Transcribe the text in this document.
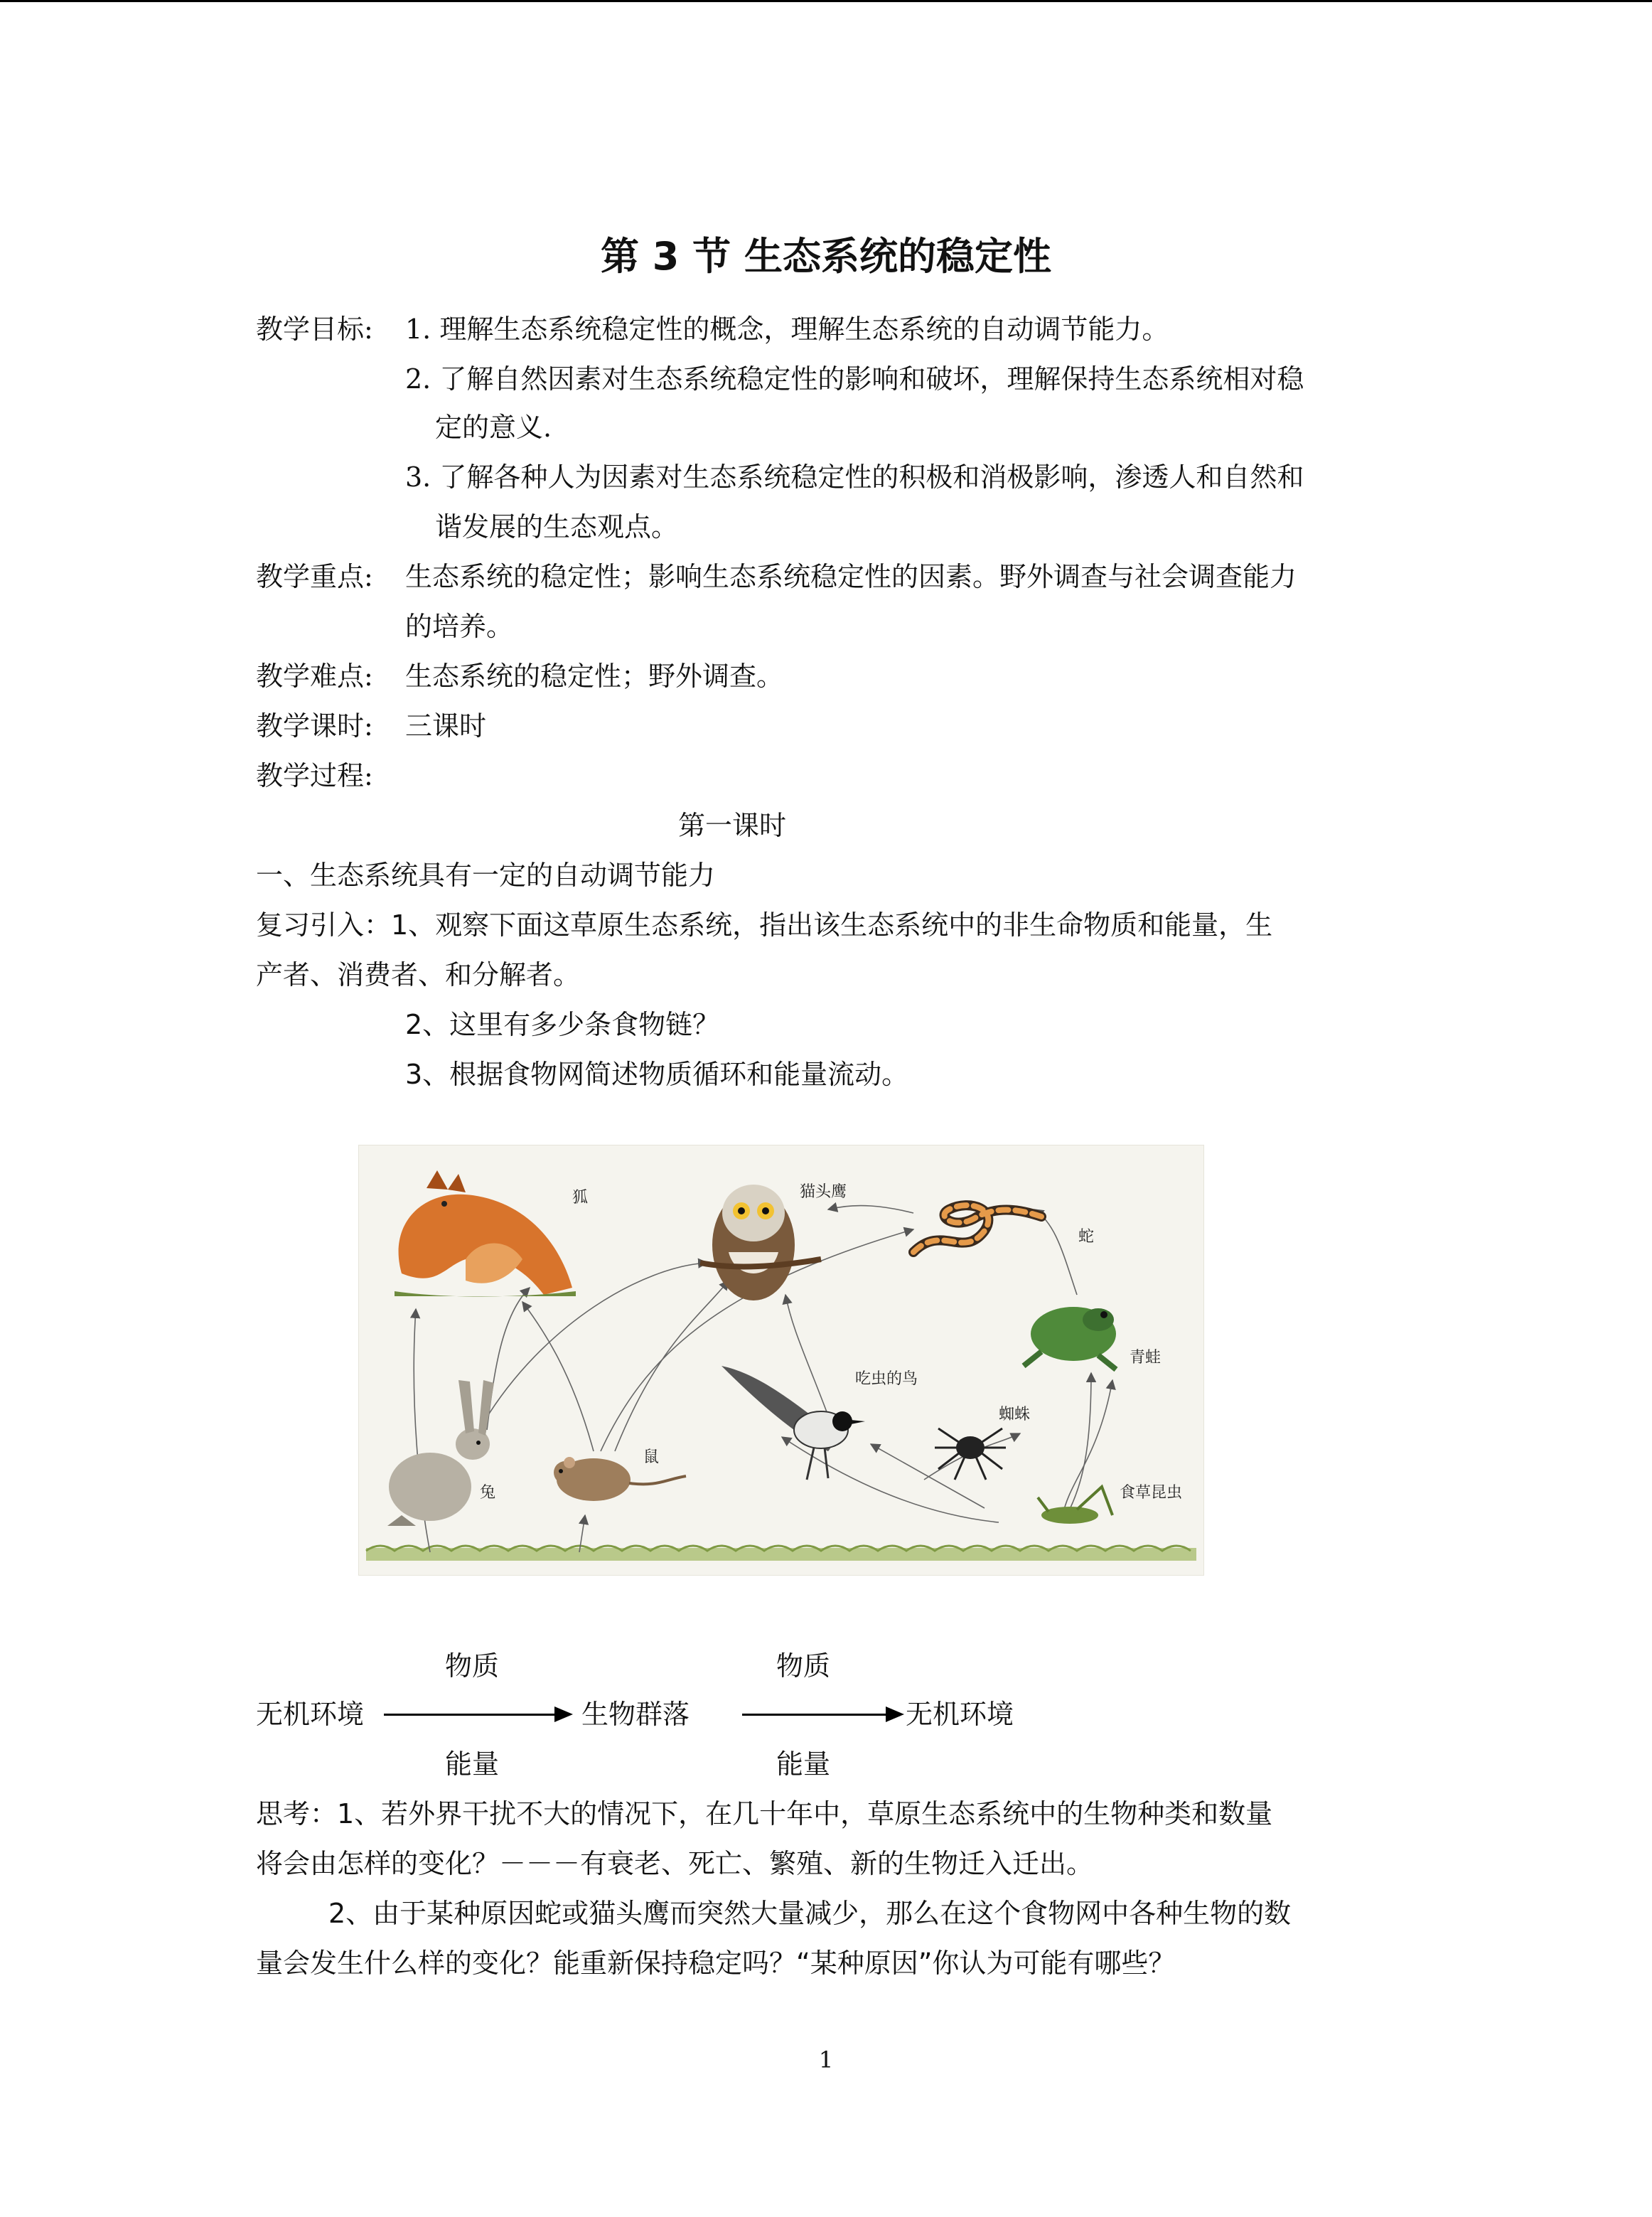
第 3 节 生态系统的稳定性
教学目标: 1. 理解生态系统稳定性的概念，理解生态系统的自动调节能力。
2. 了解自然因素对生态系统稳定性的影响和破坏，理解保持生态系统相对稳
定的意义.
3. 了解各种人为因素对生态系统稳定性的积极和消极影响，渗透人和自然和
谐发展的生态观点。
教学重点: 生态系统的稳定性；影响生态系统稳定性的因素。野外调查与社会调查能力
的培养。
教学难点: 生态系统的稳定性；野外调查。
教学课时: 三课时
教学过程:
第一课时
一、生态系统具有一定的自动调节能力
复习引入：1、观察下面这草原生态系统，指出该生态系统中的非生命物质和能量，生
产者、消费者、和分解者。
2、这里有多少条食物链？
3、根据食物网简述物质循环和能量流动。
狐	猫头鹰
蛇
青蛙
吃虫的鸟
蜘蛛
兔
鼠
食草昆虫
物质	物质
无机环境	生物群落	无机环境
能量	能量
思考：1、若外界干扰不大的情况下，在几十年中，草原生态系统中的生物种类和数量
将会由怎样的变化？－－－有衰老、死亡、繁殖、新的生物迁入迁出。
2、由于某种原因蛇或猫头鹰而突然大量减少，那么在这个食物网中各种生物的数
量会发生什么样的变化？能重新保持稳定吗？“某种原因”你认为可能有哪些？
1
